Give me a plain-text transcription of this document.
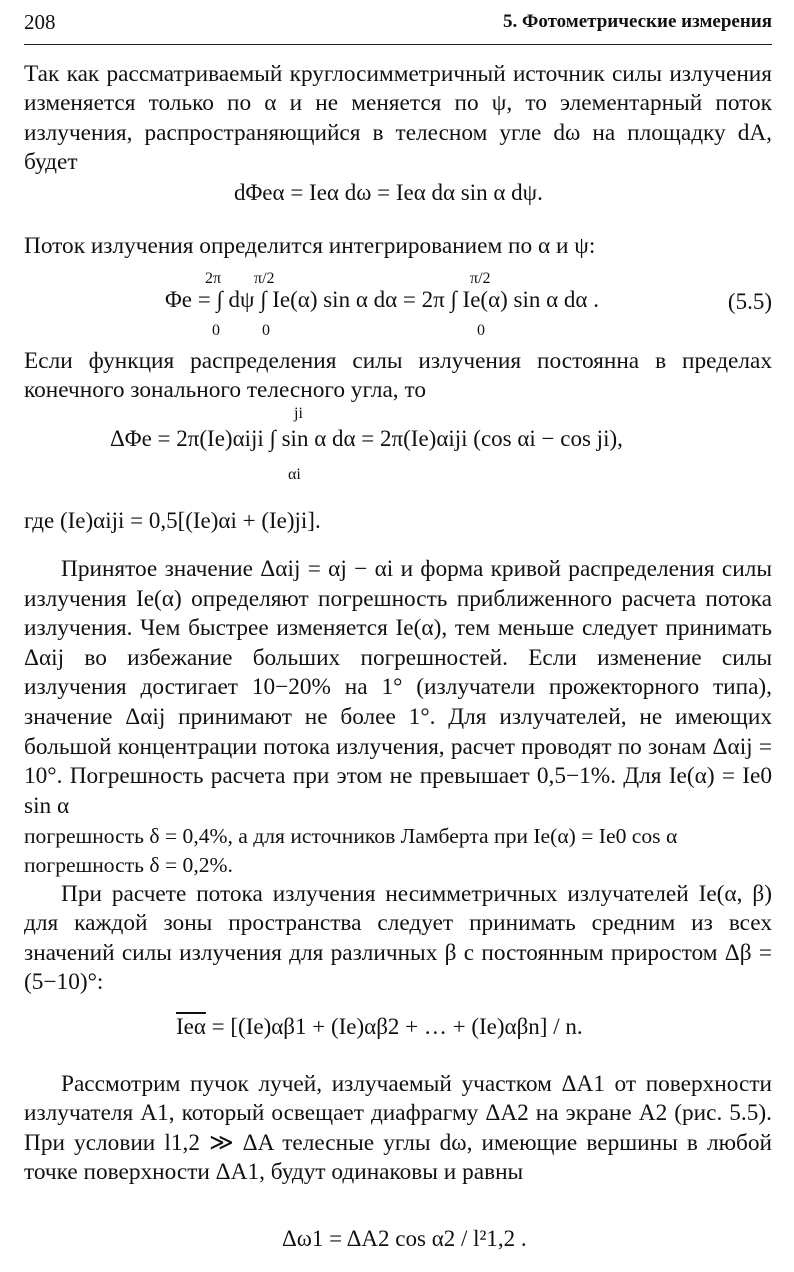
208	5. Фотометрические измерения

Так как рассматриваемый круглосимметричный источник силы излучения изменяется только по α и не меняется по ψ, то элементарный поток излучения, распространяющийся в телесном угле dω на площадку dA, будет

dΦeα = Ieα dω = Ieα dα sin α dψ.

Поток излучения определится интегрированием по α и ψ:

2π π/2	π/2
Φe = ∫ dψ ∫ Ie(α) sin α dα = 2π ∫ Ie(α) sin α dα .
0	0	0
(5.5)

Если функция распределения силы излучения постоянна в пределах конечного зонального телесного угла, то

ji
ΔΦe = 2π(Ie)αiji ∫ sin α dα = 2π(Ie)αiji (cos αi − cos ji),
αi
где (Ie)αiji = 0,5[(Ie)αi + (Ie)ji].

Принятое значение Δαij = αj − αi и форма кривой распределения силы излучения Ie(α) определяют погрешность приближенного расчета потока излучения. Чем быстрее изменяется Ie(α), тем меньше следует принимать Δαij во избежание больших погрешностей. Если изменение силы излучения достигает 10−20% на 1° (излучатели прожекторного типа), значение Δαij принимают не более 1°. Для излучателей, не имеющих большой концентрации потока излучения, расчет проводят по зонам Δαij = 10°. Погрешность расчета при этом не превышает 0,5−1%. Для Ie(α) = Ie0 sin α

погрешность δ = 0,4%, а для источников Ламберта при Ie(α) = Ie0 cos α

погрешность δ = 0,2%.

При расчете потока излучения несимметричных излучателей Ie(α, β) для каждой зоны пространства следует принимать средним из всех значений силы излучения для различных β с постоянным приростом Δβ = (5−10)°:

$\overline{Ie\alpha} = [(Ie)\alpha\beta 1 + (Ie)\alpha\beta 2$ + … + (Ie)αβn] / n.

Рассмотрим пучок лучей, излучаемый участком ΔA1 от поверхности излучателя A1, который освещает диафрагму ΔA2 на экране A2 (рис. 5.5). При условии l1,2 ≫ ΔA телесные углы dω, имеющие вершины в любой точке поверхности ΔA1, будут одинаковы и равны

Δω1 = ΔA2 cos α2 / l²1,2 .
